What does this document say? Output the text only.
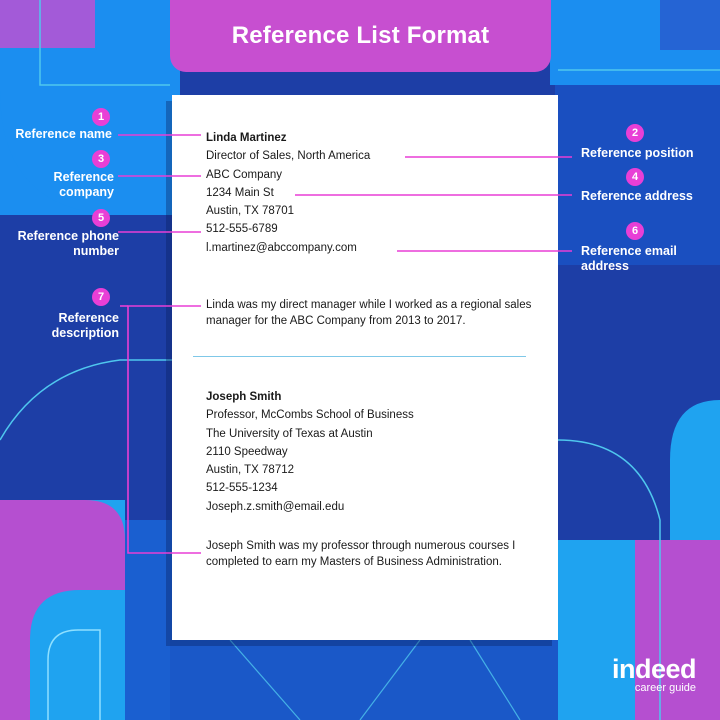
Reference List Format
Linda Martinez
Director of Sales, North America
ABC Company
1234 Main St
Austin, TX 78701
512-555-6789
l.martinez@abccompany.com
Linda was my direct manager while I worked as a regional sales manager for the ABC Company from 2013 to 2017.
Joseph Smith
Professor, McCombs School of Business
The University of Texas at Austin
2110 Speedway
Austin, TX 78712
512-555-1234
Joseph.z.smith@email.edu
Joseph Smith was my professor through numerous courses I completed to earn my Masters of Business Administration.
1
Reference name	2
Reference position
3
Reference
company
4
Reference address
5
Reference phone
number
6
Reference email
address
7
Reference
description
indeed
career guide
